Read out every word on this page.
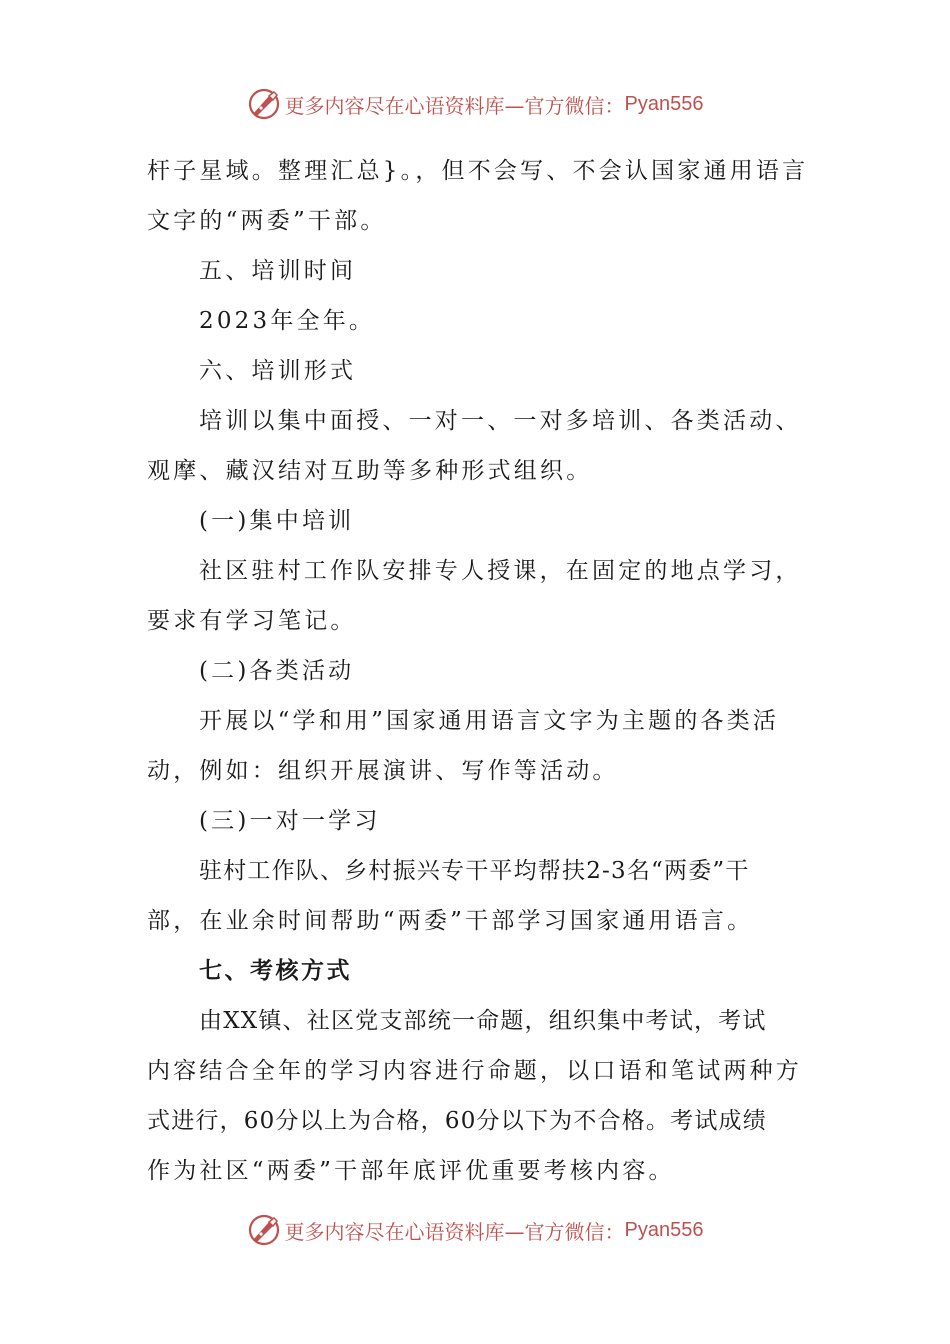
更多内容尽在心语资料库—官方微信： Pyan556

杆子星域。整理汇总}。，但不会写、不会认国家通用语言

文字的“两委”干部。

五、培训时间

2023年全年。

六、培训形式

培训以集中面授、一对一、一对多培训、各类活动、

观摩、藏汉结对互助等多种形式组织。

(一)集中培训

社区驻村工作队安排专人授课，在固定的地点学习，

要求有学习笔记。

(二)各类活动

开展以“学和用”国家通用语言文字为主题的各类活

动，例如：组织开展演讲、写作等活动。

(三)一对一学习

驻村工作队、乡村振兴专干平均帮扶2-3名“两委”干

部，在业余时间帮助“两委”干部学习国家通用语言。

七、考核方式

由XX镇、社区党支部统一命题，组织集中考试，考试

内容结合全年的学习内容进行命题，以口语和笔试两种方

式进行，60分以上为合格，60分以下为不合格。考试成绩

作为社区“两委”干部年底评优重要考核内容。

更多内容尽在心语资料库—官方微信： Pyan556
